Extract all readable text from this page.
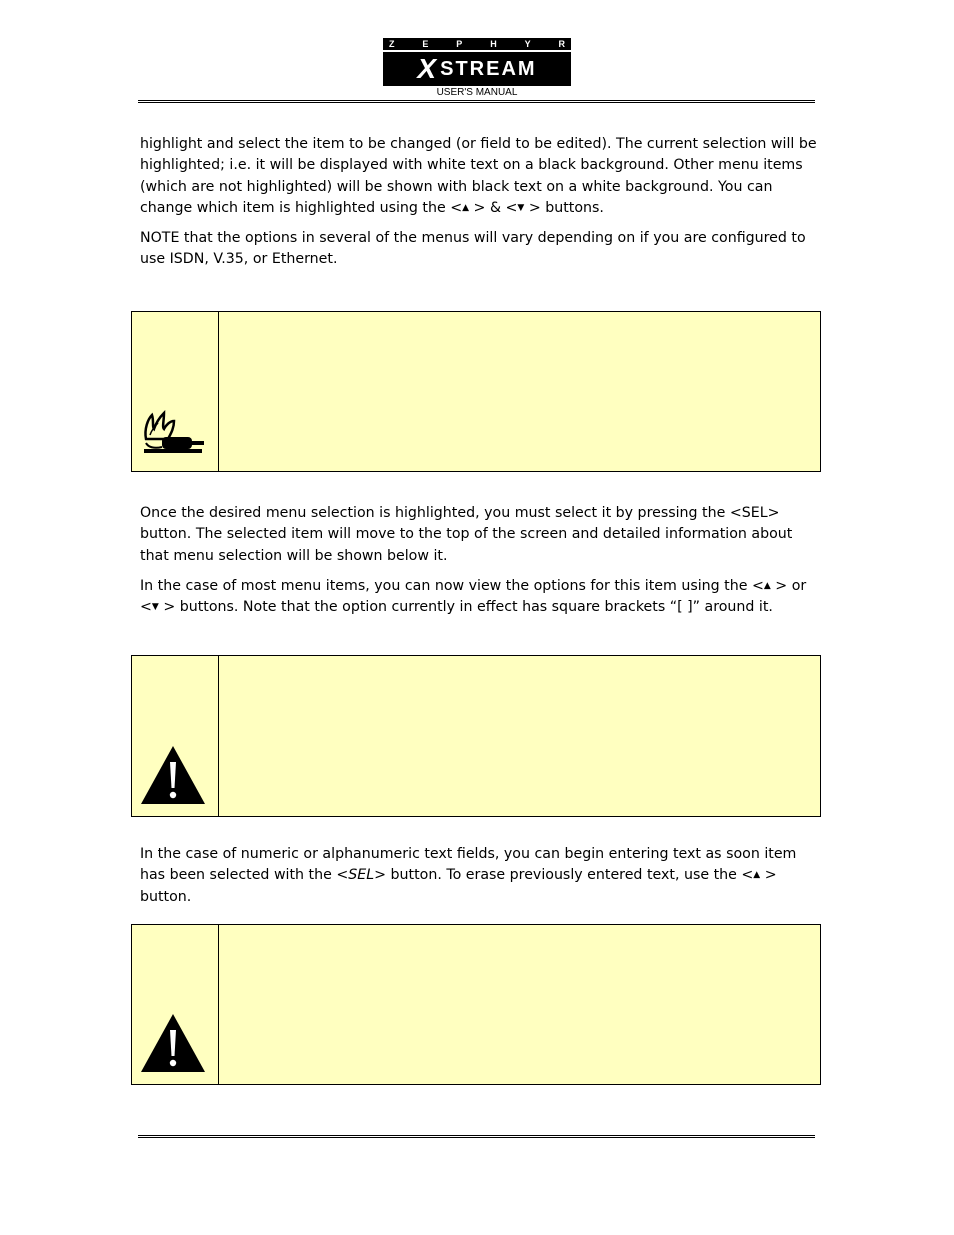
Z	E	P	H	Y	R
X STREAM
USER'S MANUAL

highlight and select the item to be changed (or field to be edited). The current selection will be highlighted; i.e. it will be displayed with white text on a black background. Other menu items (which are not highlighted) will be shown with black text on a white background. You can change which item is highlighted using the <▲ > & <▼ > buttons.

NOTE that the options in several of the menus will vary depending on if you are configured to use ISDN, V.35, or Ethernet.

Once the desired menu selection is highlighted, you must select it by pressing the <SEL> button. The selected item will move to the top of the screen and detailed information about that menu selection will be shown below it.

In the case of most menu items, you can now view the options for this item using the <▲ > or
<▼ > buttons. Note that the option currently in effect has square brackets “[ ]” around it.

In the case of numeric or alphanumeric text fields, you can begin entering text as soon item has been selected with the <SEL> button. To erase previously entered text, use the <▲ > button.
